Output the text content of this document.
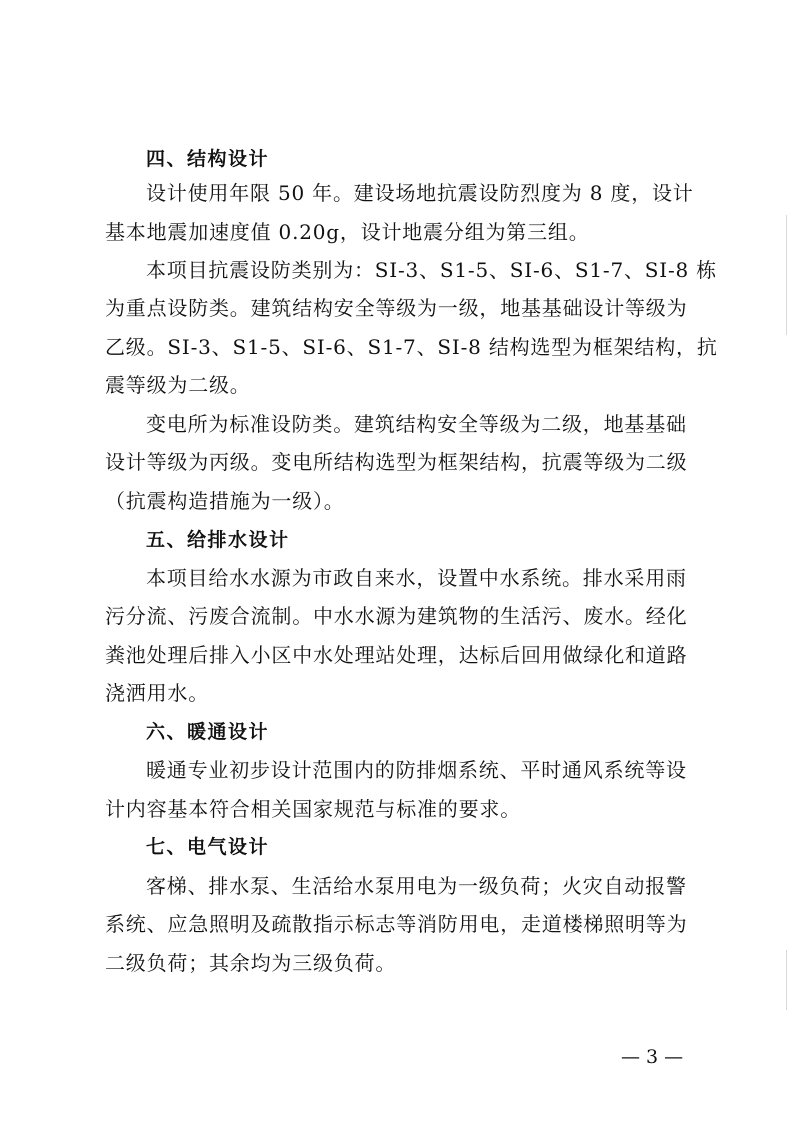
四、结构设计
设计使用年限 50 年。建设场地抗震设防烈度为 8 度，设计
基本地震加速度值 0.20g，设计地震分组为第三组。
本项目抗震设防类别为：SI-3、S1-5、SI-6、S1-7、SI-8 栋
为重点设防类。建筑结构安全等级为一级，地基基础设计等级为
乙级。SI-3、S1-5、SI-6、S1-7、SI-8 结构选型为框架结构，抗
震等级为二级。
变电所为标准设防类。建筑结构安全等级为二级，地基基础
设计等级为丙级。变电所结构选型为框架结构，抗震等级为二级
（抗震构造措施为一级）。
五、给排水设计
本项目给水水源为市政自来水，设置中水系统。排水采用雨
污分流、污废合流制。中水水源为建筑物的生活污、废水。经化
粪池处理后排入小区中水处理站处理，达标后回用做绿化和道路
浇洒用水。
六、暖通设计
暖通专业初步设计范围内的防排烟系统、平时通风系统等设
计内容基本符合相关国家规范与标准的要求。
七、电气设计
客梯、排水泵、生活给水泵用电为一级负荷；火灾自动报警
系统、应急照明及疏散指示标志等消防用电，走道楼梯照明等为
二级负荷；其余均为三级负荷。
— 3 —
